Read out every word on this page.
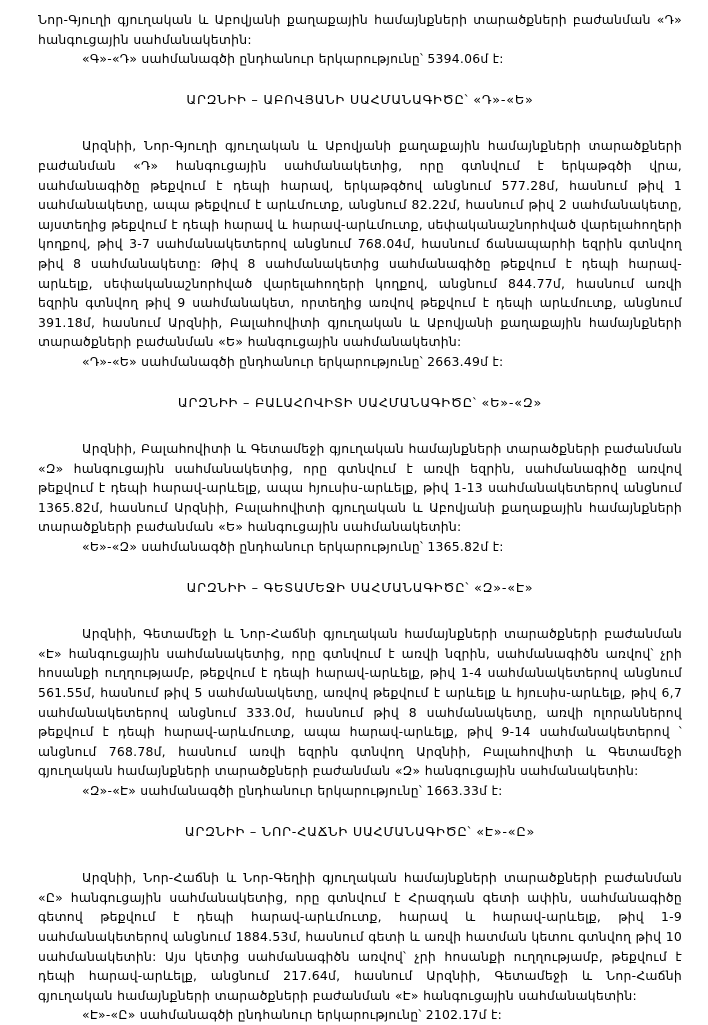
Նոր-Գյուղի գյուղական և Աբովյանի քաղաքային համայնքների տարածքների բաժանման «Դ» հանգուցային սահմանակետին:

«Գ»-«Դ» սահմանագծի ընդհանուր երկարությունը՝ 5394.06մ է:

ԱՐԶՆԻԻ – ԱԲՈՎՅԱՆԻ ՍԱՀՄԱՆԱԳԻԾԸ՝ «Դ»-«Ե»

Արզնիի, Նոր-Գյուղի գյուղական և Աբովյանի քաղաքային համայնքների տարածքների բաժանման «Դ» հանգուցային սահմանակետից, որը գտնվում է երկաթգծի վրա, սահմանագիծը թեքվում է դեպի հարավ, երկաթգծով անցնում 577.28մ, հասնում թիվ 1 սահմանակետը, ապա թեքվում է արևմուտք, անցնում 82.22մ, հասնում թիվ 2 սահմանակետը, այստեղից թեքվում է դեպի հարավ և հարավ-արևմուտք, սեփականաշնորհված վարելահողերի կողքով, թիվ 3-7 սահմանակետերով անցնում 768.04մ, հասնում ճանապարհի եզրին գտնվող թիվ 8 սահմանակետը: Թիվ 8 սահմանակետից սահմանագիծը թեքվում է դեպի հարավ-արևելք, սեփականաշնորհված վարելահողերի կողքով, անցնում 844.77մ, հասնում առվի եզրին գտնվող թիվ 9 սահմանակետ, որտեղից առվով թեքվում է դեպի արևմուտք, անցնում 391.18մ, հասնում Արզնիի, Բալահովիտի գյուղական և Աբովյանի քաղաքային համայնքների տարածքների բաժանման «Ե» հանգուցային սահմանակետին:

«Դ»-«Ե» սահմանագծի ընդհանուր երկարությունը՝ 2663.49մ է:

ԱՐԶՆԻԻ – ԲԱԼԱՀՈՎԻՏԻ ՍԱՀՄԱՆԱԳԻԾԸ՝ «Ե»-«Զ»

Արզնիի, Բալահովիտի և Գետամեջի գյուղական համայնքների տարածքների բաժանման «Զ» հանգուցային սահմանակետից, որը գտնվում է առվի եզրին, սահմանագիծը առվով թեքվում է դեպի հարավ-արևելք, ապա հյուսիս-արևելք, թիվ 1-13 սահմանակետերով անցնում 1365.82մ, հասնում Արզնիի, Բալահովիտի գյուղական և Աբովյանի քաղաքային համայնքների տարածքների բաժանման «Ե» հանգուցային սահմանակետին:

«Ե»-«Զ» սահմանագծի ընդհանուր երկարությունը՝ 1365.82մ է:

ԱՐԶՆԻԻ – ԳԵՏԱՄԵՋԻ ՍԱՀՄԱՆԱԳԻԾԸ՝ «Զ»-«Է»

Արզնիի, Գետամեջի և Նոր-Հաճնի գյուղական համայնքների տարածքների բաժանման «Է» հանգուցային սահմանակետից, որը գտնվում է առվի նզրին, սահմանագիծն առվով՝ չրի հոսանքի ուղղությամբ, թեքվում է դեպի հարավ-արևելք, թիվ 1-4 սահմանակետերով անցնում 561.55մ, հասնում թիվ 5 սահմանակետը, առվով թեքվում է արևելք և հյուսիս-արևելք, թիվ 6,7 սահմանակետերով անցնում 333.0մ, հասնում թիվ 8 սահմանակետը, առվի ոլորաններով թեքվում է դեպի հարավ-արևմուտք, ապա հարավ-արևելք, թիվ 9-14 սահմանակետերով ՝ անցնում 768.78մ, հասնում առվի եզրին գտնվող Արզնիի, Բալահովիտի և Գետամեջի գյուղական համայնքների տարածքների բաժանման «Զ» հանգուցային սահմանակետին:

«Զ»-«Է» սահմանագծի ընդհանուր երկարությունը՝ 1663.33մ է:

ԱՐԶՆԻԻ – ՆՈՐ-ՀԱՃՆԻ ՍԱՀՄԱՆԱԳԻԾԸ՝ «Է»-«Ը»

Արզնիի, Նոր-Հաճնի և Նոր-Գեղիի գյուղական համայնքների տարածքների բաժանման «Ը» հանգուցային սահմանակետից, որը գտնվում է Հրազդան գետի ափին, սահմանագիծը գետով թեքվում է դեպի հարավ-արևմուտք, հարավ և հարավ-արևելք, թիվ 1-9 սահմանակետերով անցնում 1884.53մ, հասնում գետի և առվի հատման կետու գտնվող թիվ 10 սահմանակետին: Այս կետից սահմանագիծն առվով՝ չրի հոսանքի ուղղությամբ, թեքվում է դեպի հարավ-արևելք, անցնում 217.64մ, հասնում Արզնիի, Գետամեջի և Նոր-Հաճնի գյուղական համայնքների տարածքների բաժանման «Է» հանգուցային սահմանակետին:

«Է»-«Ը» սահմանագծի ընդհանուր երկարությունը՝ 2102.17մ է:
